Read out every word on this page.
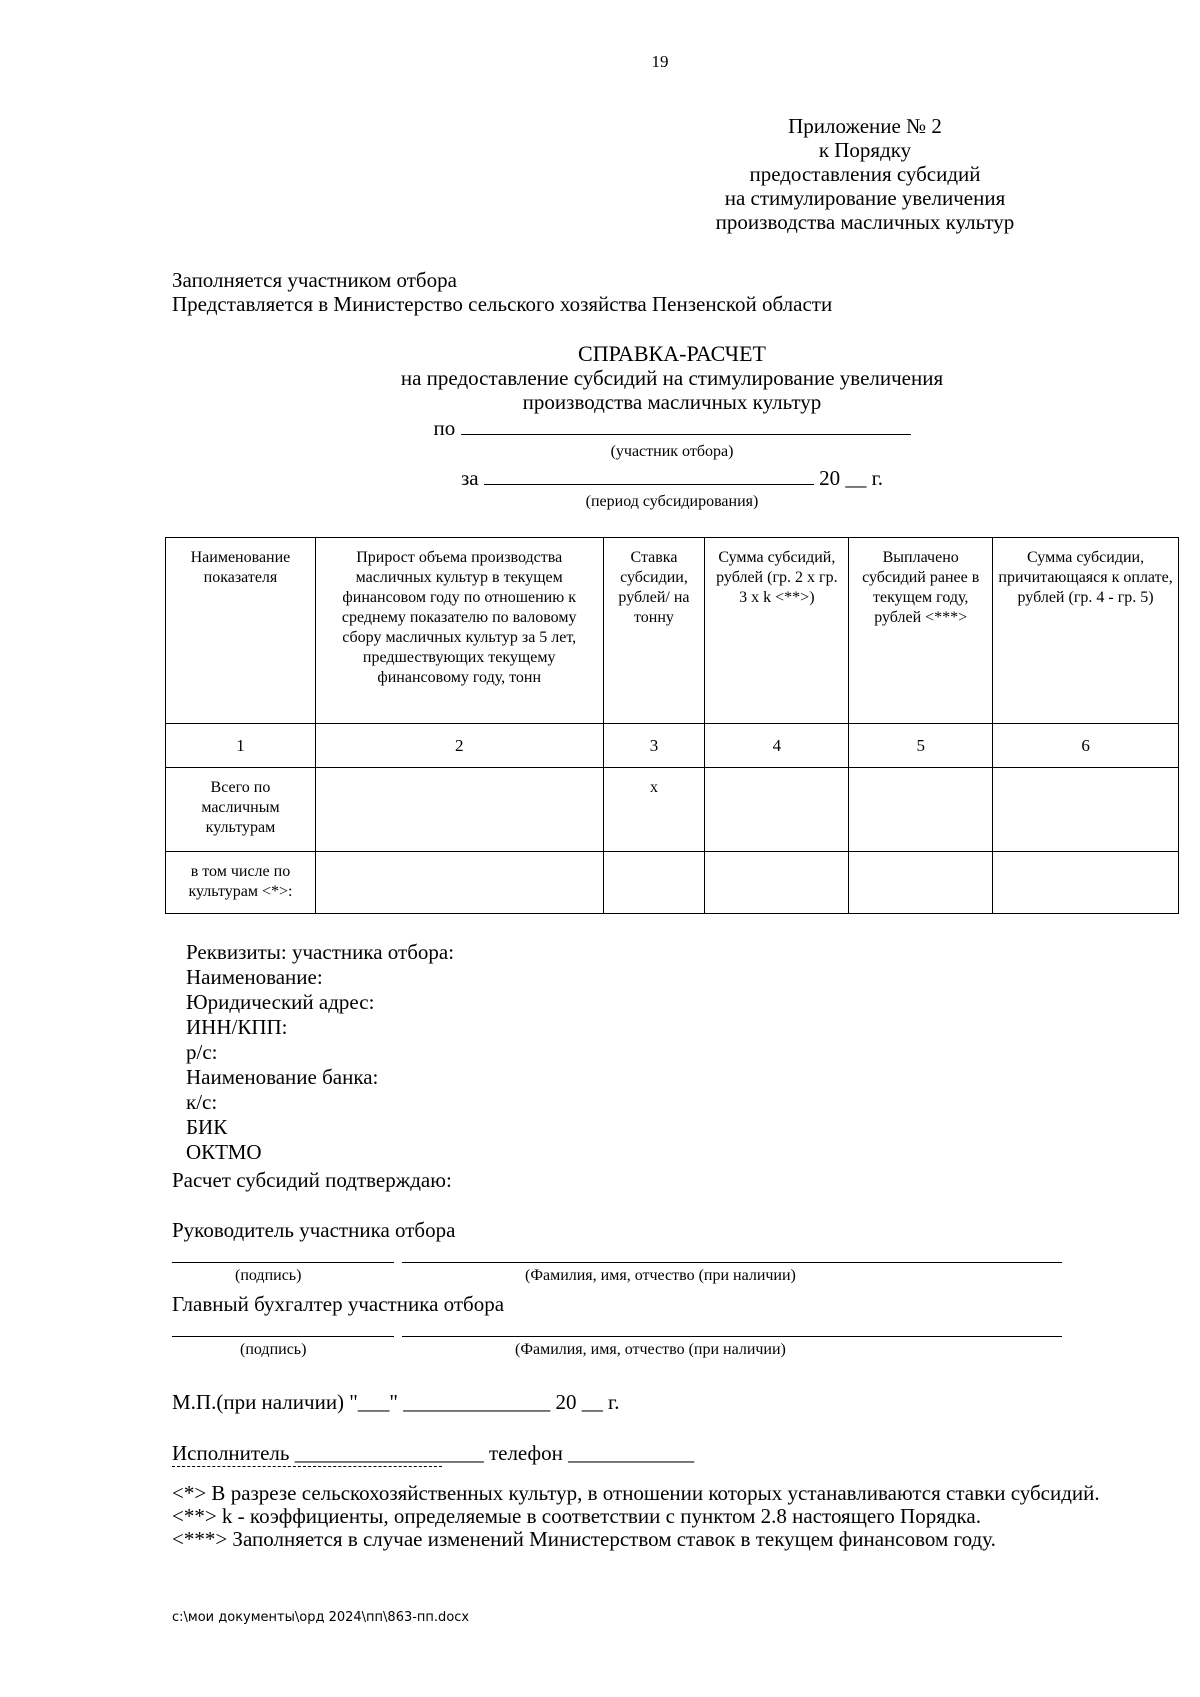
19
Приложение № 2
к Порядку
предоставления субсидий
на стимулирование увеличения
производства масличных культур
Заполняется участником отбора
Представляется в Министерство сельского хозяйства Пензенской области
СПРАВКА-РАСЧЕТ
на предоставление субсидий на стимулирование увеличения
производства масличных культур
по
(участник отбора)
за	20 __ г.
(период субсидирования)
Наименование показателя	Прирост объема производства масличных культур в текущем финансовом году по отношению к среднему показателю по валовому сбору масличных культур за 5 лет, предшествующих текущему финансовому году, тонн	Ставка субсидии, рублей/ на тонну	Сумма субсидий, рублей (гр. 2 х гр. 3 х k <**>)	Выплачено субсидий ранее в текущем году, рублей <***>	Сумма субсидии, причитающаяся к оплате, рублей (гр. 4 - гр. 5)
1	2	3	4	5	6
Всего по масличным культурам		х			
в том числе по культурам <*>:					
Реквизиты: участника отбора:
Наименование:
Юридический адрес:
ИНН/КПП:
р/с:
Наименование банка:
к/с:
БИК
ОКТМО
Расчет субсидий подтверждаю:
Руководитель участника отбора
(подпись)	(Фамилия, имя, отчество (при наличии)
Главный бухгалтер участника отбора
(подпись)	(Фамилия, имя, отчество (при наличии)
М.П.(при наличии) "___" ______________ 20 __ г.
Исполнитель __________________ телефон ____________
<*> В разрезе сельскохозяйственных культур, в отношении которых устанавливаются ставки субсидий.
<**> k - коэффициенты, определяемые в соответствии с пунктом 2.8 настоящего Порядка.
<***> Заполняется в случае изменений Министерством ставок в текущем финансовом году.
с:\мои документы\орд 2024\пп\863-пп.docx
